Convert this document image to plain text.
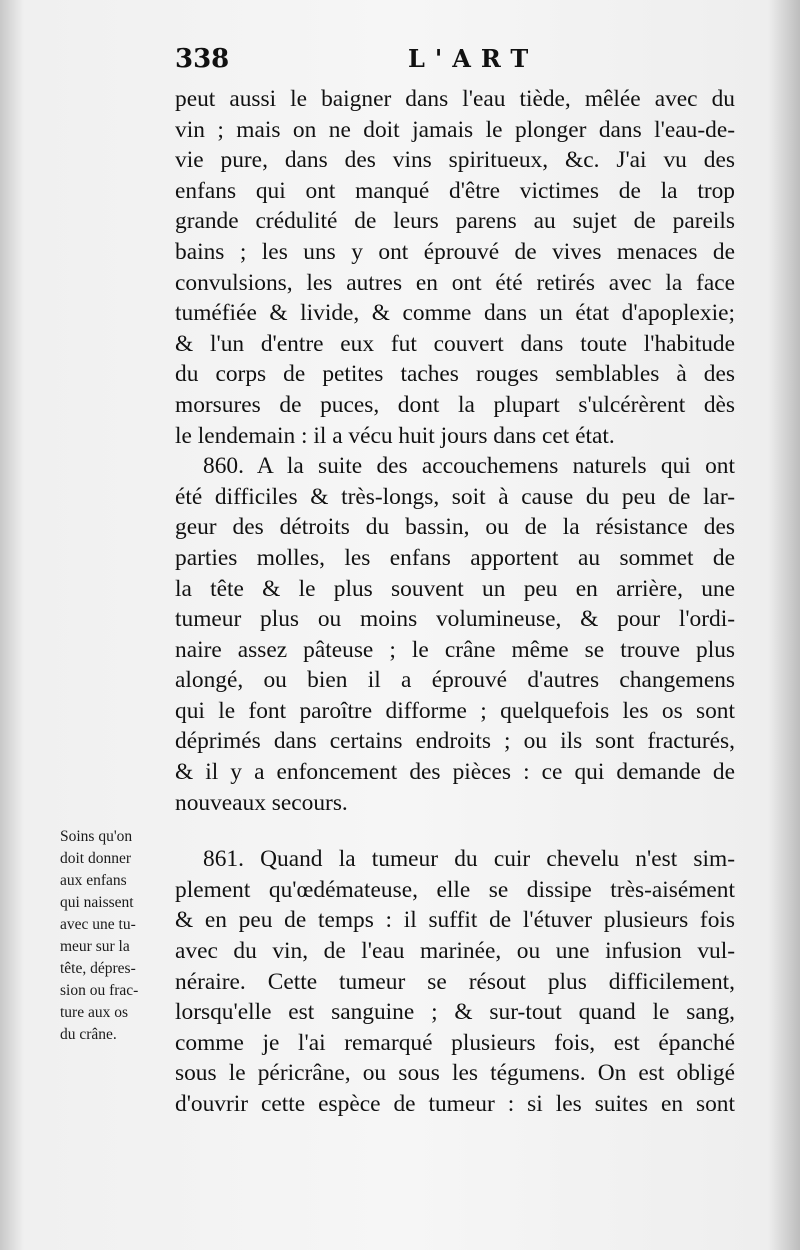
338	L'ART
peut aussi le baigner dans l'eau tiède, mêlée avec du
vin ; mais on ne doit jamais le plonger dans l'eau-de-
vie pure, dans des vins spiritueux, &c. J'ai vu des
enfans qui ont manqué d'être victimes de la trop
grande crédulité de leurs parens au sujet de pareils
bains ; les uns y ont éprouvé de vives menaces de
convulsions, les autres en ont été retirés avec la face
tuméfiée & livide, & comme dans un état d'apoplexie;
& l'un d'entre eux fut couvert dans toute l'habitude
du corps de petites taches rouges semblables à des
morsures de puces, dont la plupart s'ulcérèrent dès
le lendemain : il a vécu huit jours dans cet état.
860. A la suite des accouchemens naturels qui ont
été difficiles & très-longs, soit à cause du peu de lar-
geur des détroits du bassin, ou de la résistance des
parties molles, les enfans apportent au sommet de
la tête & le plus souvent un peu en arrière, une
tumeur plus ou moins volumineuse, & pour l'ordi-
naire assez pâteuse ; le crâne même se trouve plus
alongé, ou bien il a éprouvé d'autres changemens
qui le font paroître difforme ; quelquefois les os sont
déprimés dans certains endroits ; ou ils sont fracturés,
& il y a enfoncement des pièces : ce qui demande de
nouveaux secours.
861. Quand la tumeur du cuir chevelu n'est sim-
plement qu'œdémateuse, elle se dissipe très-aisément
& en peu de temps : il suffit de l'étuver plusieurs fois
avec du vin, de l'eau marinée, ou une infusion vul-
néraire. Cette tumeur se résout plus difficilement,
lorsqu'elle est sanguine ; & sur-tout quand le sang,
comme je l'ai remarqué plusieurs fois, est épanché
sous le péricrâne, ou sous les tégumens. On est obligé
d'ouvrir cette espèce de tumeur : si les suites en sont
Soins qu'on
doit donner
aux enfans
qui naissent
avec une tu-
meur sur la
tête, dépres-
sion ou frac-
ture aux os
du crâne.
